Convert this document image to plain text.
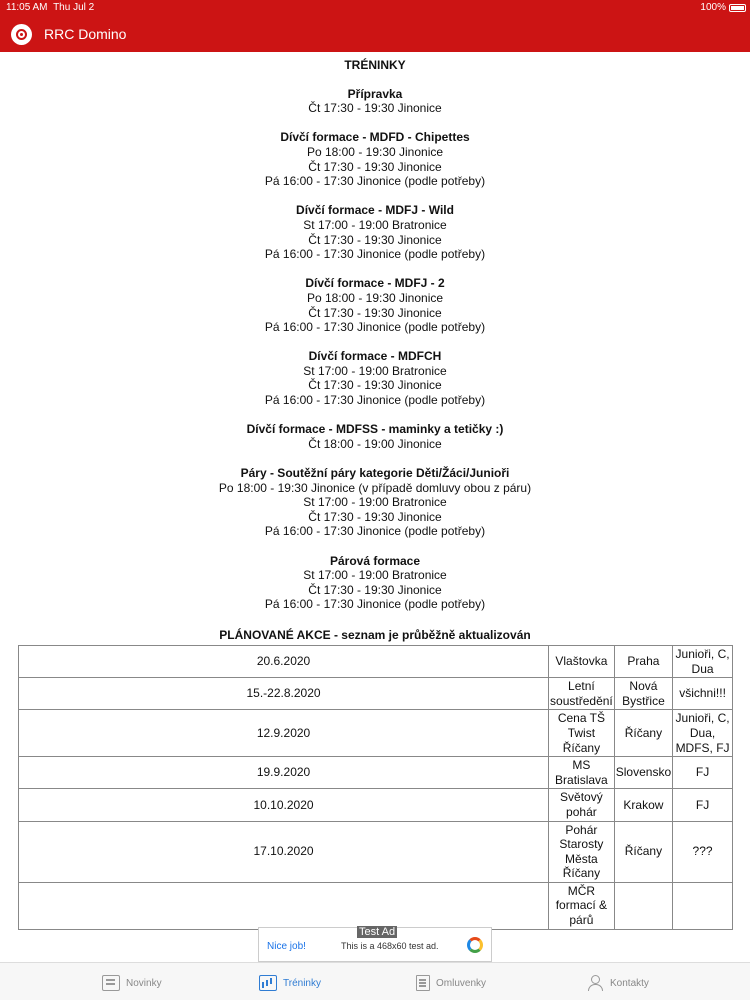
11:05 AM Thu Jul 2	100%
RRC Domino
TRÉNINKY
Přípravka
Čt 17:30 - 19:30 Jinonice
Dívčí formace - MDFD - Chipettes
Po 18:00 - 19:30 Jinonice
Čt 17:30 - 19:30 Jinonice
Pá 16:00 - 17:30 Jinonice (podle potřeby)
Dívčí formace - MDFJ - Wild
St 17:00 - 19:00 Bratronice
Čt 17:30 - 19:30 Jinonice
Pá 16:00 - 17:30 Jinonice (podle potřeby)
Dívčí formace - MDFJ - 2
Po 18:00 - 19:30 Jinonice
Čt 17:30 - 19:30 Jinonice
Pá 16:00 - 17:30 Jinonice (podle potřeby)
Dívčí formace - MDFCH
St 17:00 - 19:00 Bratronice
Čt 17:30 - 19:30 Jinonice
Pá 16:00 - 17:30 Jinonice (podle potřeby)
Dívčí formace - MDFSS - maminky a tetičky :)
Čt 18:00 - 19:00 Jinonice
Páry - Soutěžní páry kategorie Děti/Žáci/Junioři
Po 18:00 - 19:30 Jinonice (v případě domluvy obou z páru)
St 17:00 - 19:00 Bratronice
Čt 17:30 - 19:30 Jinonice
Pá 16:00 - 17:30 Jinonice (podle potřeby)
Párová formace
St 17:00 - 19:00 Bratronice
Čt 17:30 - 19:30 Jinonice
Pá 16:00 - 17:30 Jinonice (podle potřeby)
PLÁNOVANÉ AKCE - seznam je průběžně aktualizován
20.6.2020	Vlaštovka	Praha	Junioři, C, Dua
15.-22.8.2020	Letní soustředění	Nová Bystřice	všichni!!!
12.9.2020	Cena TŠ Twist Říčany	Říčany	Junioři, C, Dua, MDFS, FJ
19.9.2020	MS Bratislava	Slovensko	FJ
10.10.2020	Světový pohár	Krakow	FJ
17.10.2020	Pohár Starosty Města Říčany	Říčany	???
	MČR formací & párů		
Test Ad
Nice job!	This is a 468x60 test ad.
Novinky	Tréninky	Omluvenky	Kontakty
